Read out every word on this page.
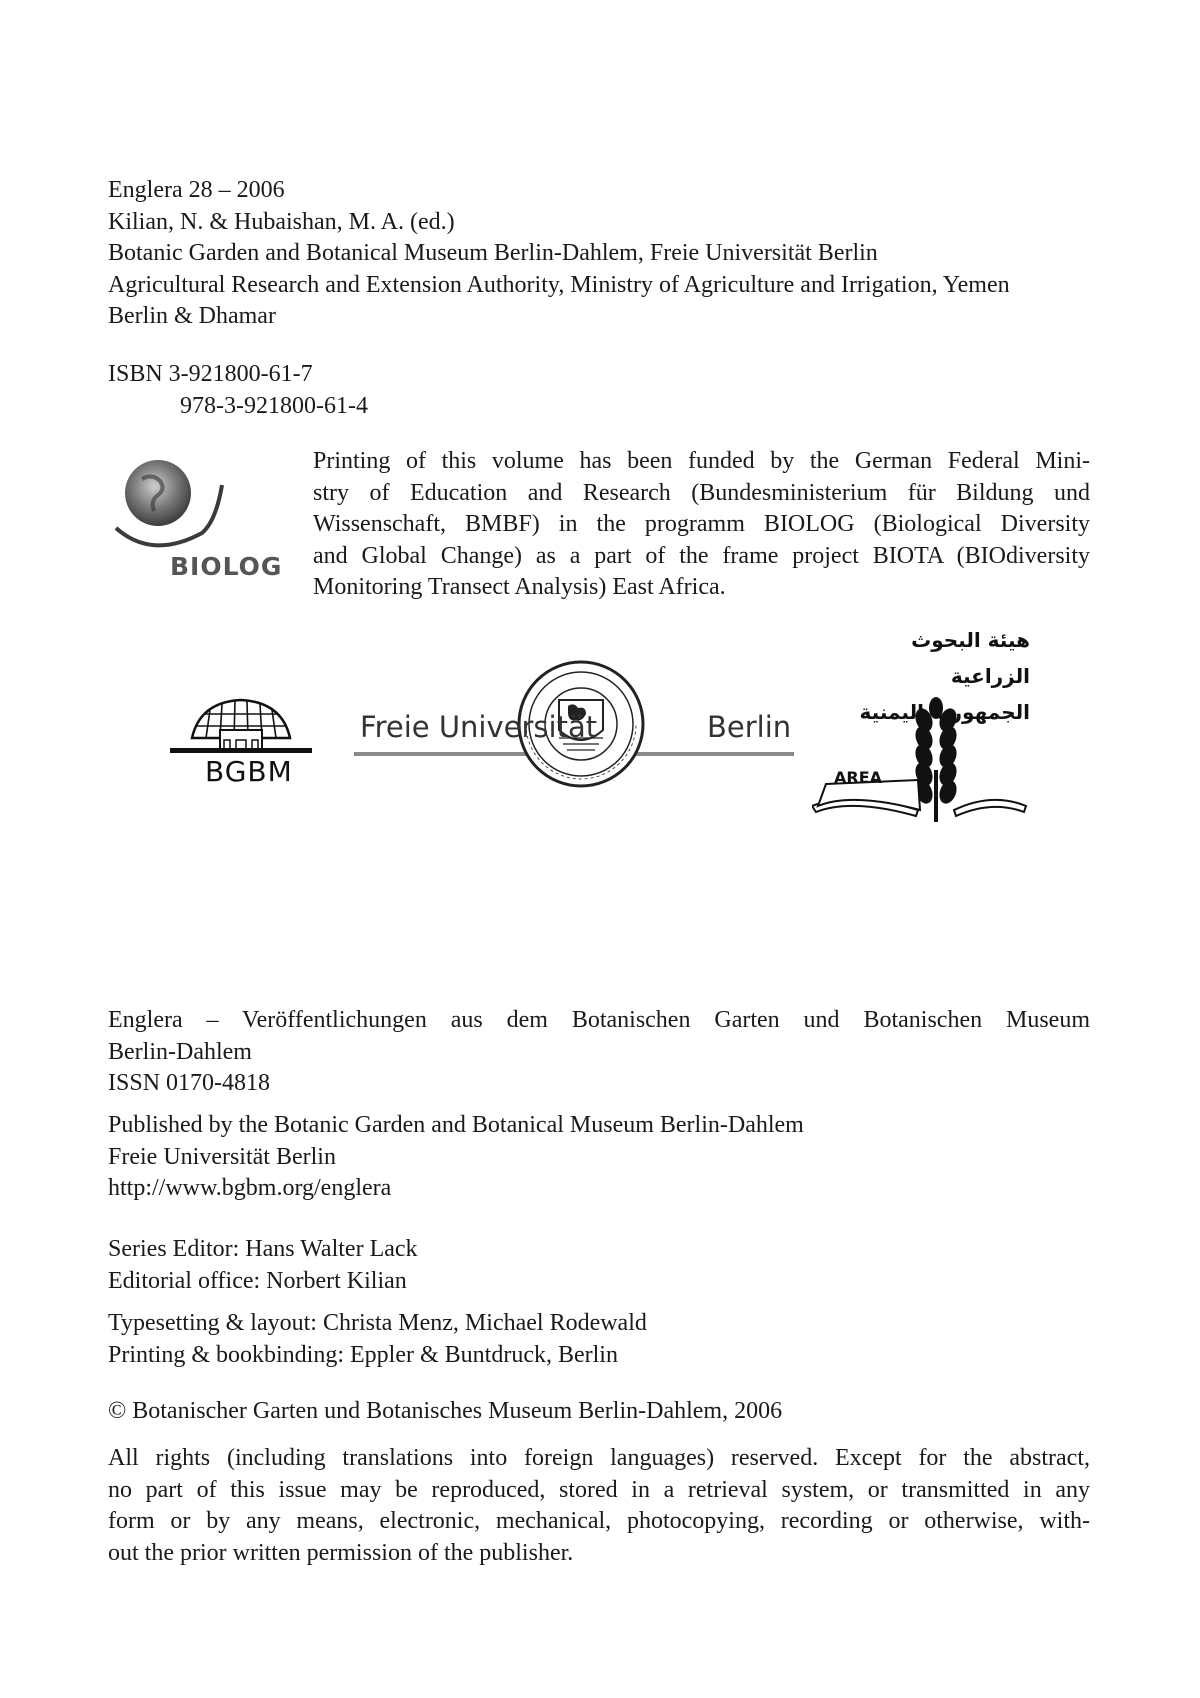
Englera 28 – 2006
Kilian, N. & Hubaishan, M. A. (ed.)
Botanic Garden and Botanical Museum Berlin-Dahlem, Freie Universität Berlin
Agricultural Research and Extension Authority, Ministry of Agriculture and Irrigation, Yemen
Berlin & Dhamar
ISBN 3-921800-61-7
978-3-921800-61-4
BIOLOG
Printing of this volume has been funded by the German Federal Mini-
stry of Education and Research (Bundesministerium für Bildung und
Wissenschaft, BMBF) in the programm BIOLOG (Biological Diversity
and Global Change) as a part of the frame project BIOTA (BIOdiversity
Monitoring Transect Analysis) East Africa.
BGBM
Freie Universität	Berlin
هيئة البحوث الزراعية
الجمهورية اليمنية
AREA
Englera – Veröffentlichungen aus dem Botanischen Garten und Botanischen Museum
Berlin-Dahlem
ISSN 0170-4818
Published by the Botanic Garden and Botanical Museum Berlin-Dahlem
Freie Universität Berlin
http://www.bgbm.org/englera
Series Editor: Hans Walter Lack
Editorial office: Norbert Kilian
Typesetting & layout: Christa Menz, Michael Rodewald
Printing & bookbinding: Eppler & Buntdruck, Berlin
© Botanischer Garten und Botanisches Museum Berlin-Dahlem, 2006
All rights (including translations into foreign languages) reserved. Except for the abstract,
no part of this issue may be reproduced, stored in a retrieval system, or transmitted in any
form or by any means, electronic, mechanical, photocopying, recording or otherwise, with-
out the prior written permission of the publisher.
